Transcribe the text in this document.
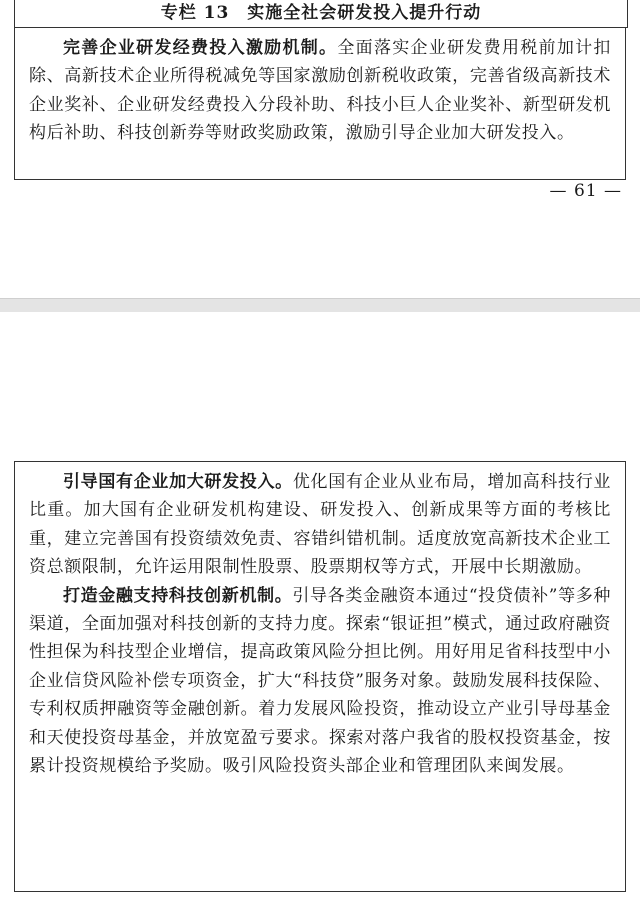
专栏 13　实施全社会研发投入提升行动

完善企业研发经费投入激励机制。全面落实企业研发费用税前加计扣除、高新技术企业所得税减免等国家激励创新税收政策，完善省级高新技术企业奖补、企业研发经费投入分段补助、科技小巨人企业奖补、新型研发机构后补助、科技创新券等财政奖励政策，激励引导企业加大研发投入。

— 61 —

引导国有企业加大研发投入。优化国有企业从业布局，增加高科技行业比重。加大国有企业研发机构建设、研发投入、创新成果等方面的考核比重，建立完善国有投资绩效免责、容错纠错机制。适度放宽高新技术企业工资总额限制，允许运用限制性股票、股票期权等方式，开展中长期激励。

打造金融支持科技创新机制。引导各类金融资本通过“投贷债补”等多种渠道，全面加强对科技创新的支持力度。探索“银证担”模式，通过政府融资性担保为科技型企业增信，提高政策风险分担比例。用好用足省科技型中小企业信贷风险补偿专项资金，扩大“科技贷”服务对象。鼓励发展科技保险、专利权质押融资等金融创新。着力发展风险投资，推动设立产业引导母基金和天使投资母基金，并放宽盈亏要求。探索对落户我省的股权投资基金，按累计投资规模给予奖励。吸引风险投资头部企业和管理团队来闽发展。
